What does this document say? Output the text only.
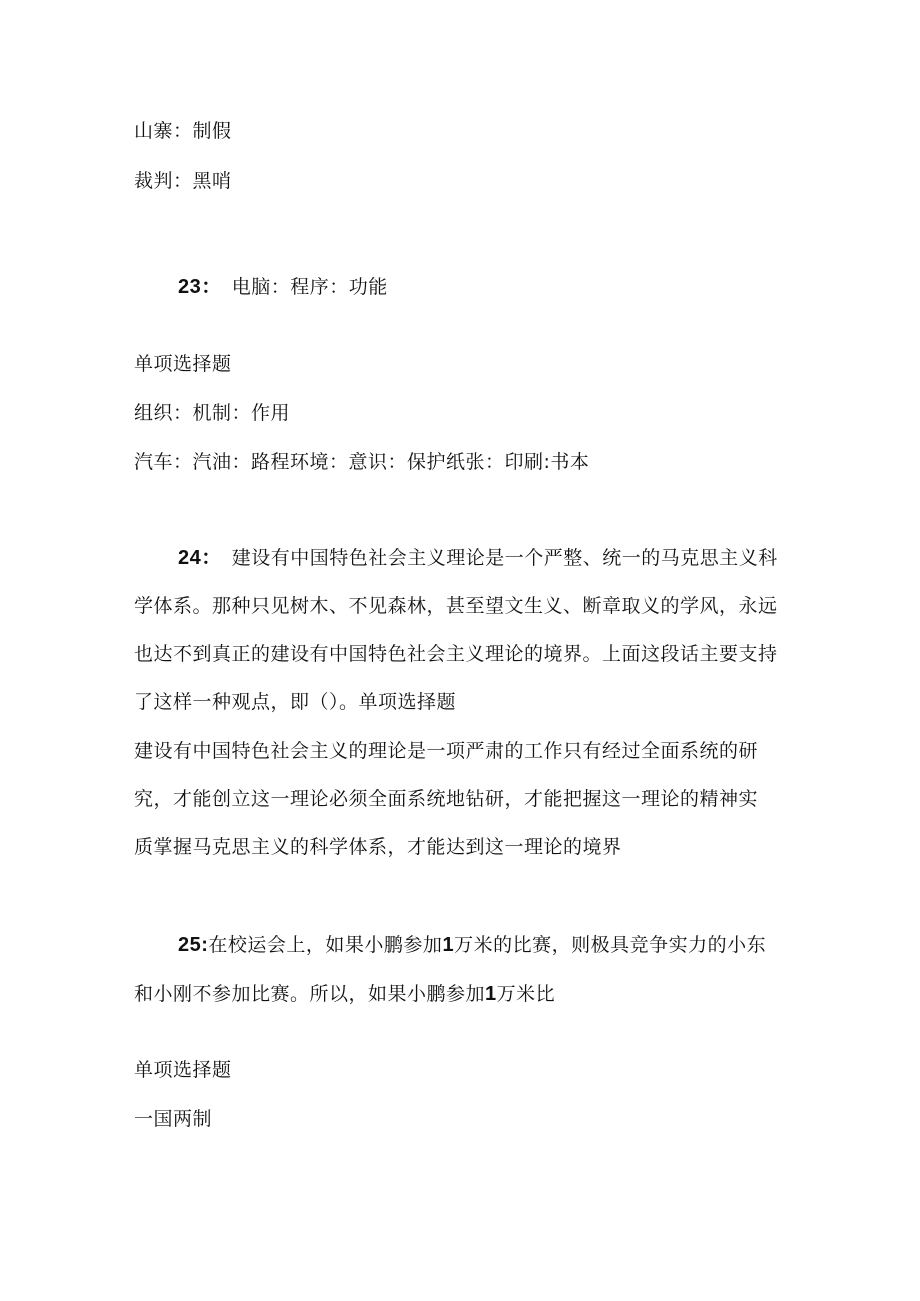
山寨：制假

裁判：黑哨

23： 电脑：程序：功能

单项选择题

组织：机制：作用

汽车：汽油：路程环境：意识：保护纸张：印刷:书本

24： 建设有中国特色社会主义理论是一个严整、统一的马克思主义科

学体系。那种只见树木、不见森林，甚至望文生义、断章取义的学风，永远

也达不到真正的建设有中国特色社会主义理论的境界。上面这段话主要支持

了这样一种观点，即（）。单项选择题

建设有中国特色社会主义的理论是一项严肃的工作只有经过全面系统的研

究，才能创立这一理论必须全面系统地钻研，才能把握这一理论的精神实

质掌握马克思主义的科学体系，才能达到这一理论的境界

25:在校运会上，如果小鹏参加1万米的比赛，则极具竞争实力的小东

和小刚不参加比赛。所以，如果小鹏参加1万米比

单项选择题

一国两制
